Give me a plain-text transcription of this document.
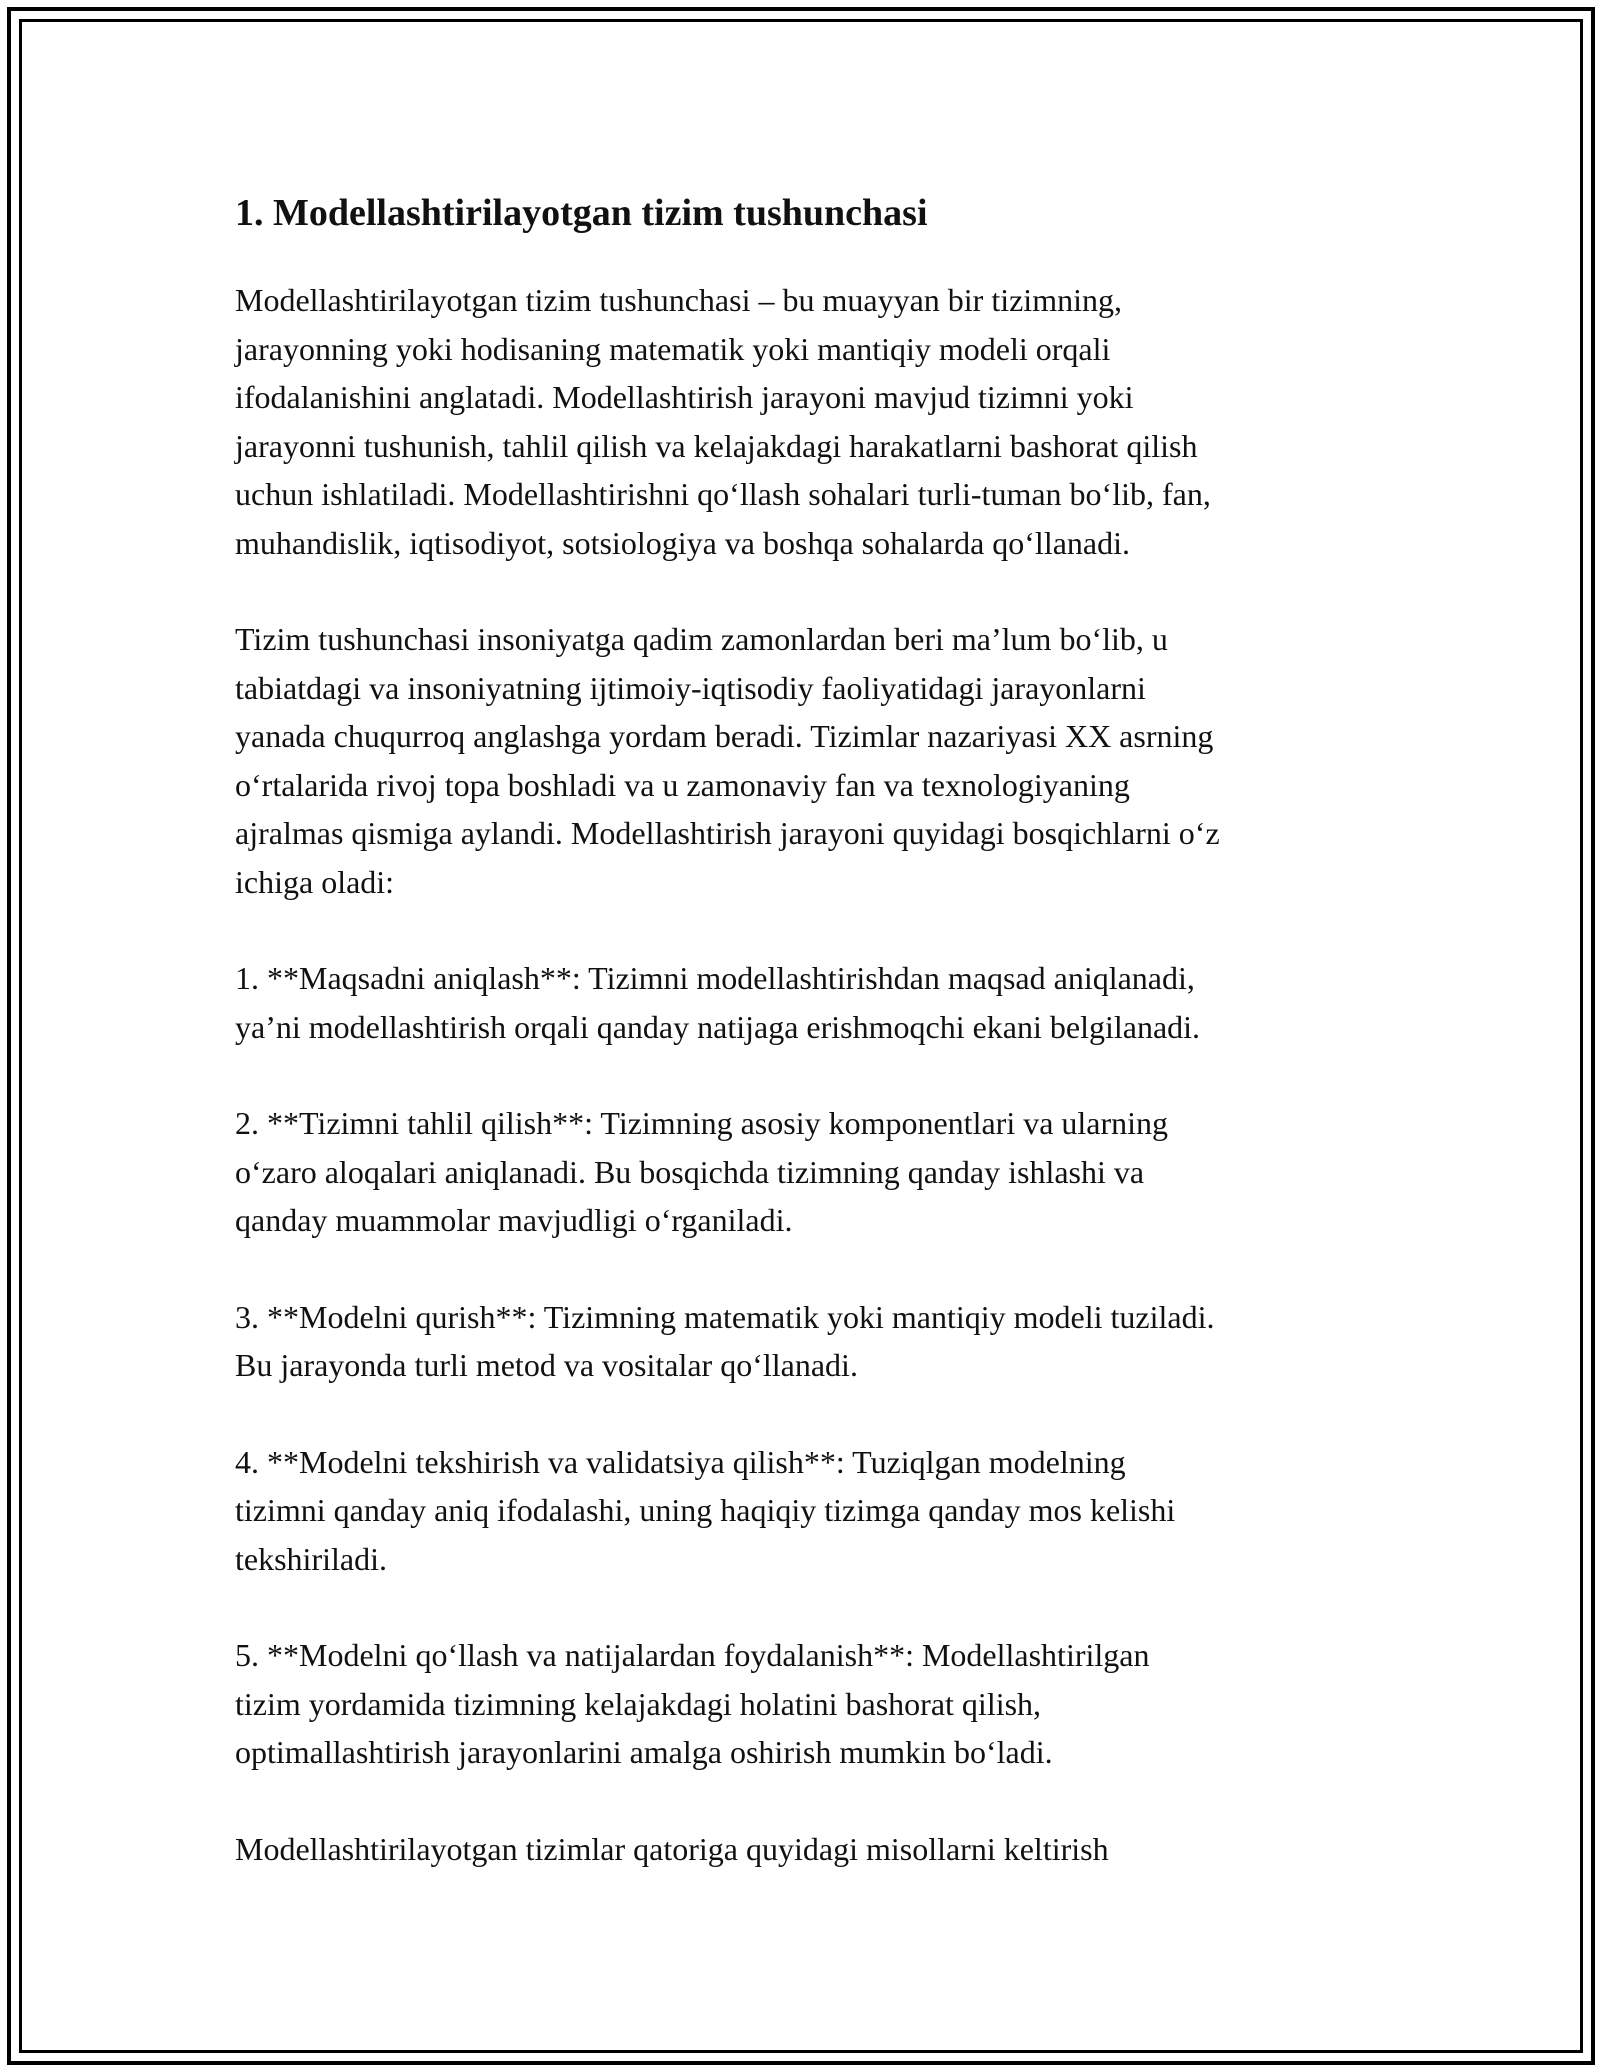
1. Modellashtirilayotgan tizim tushunchasi

Modellashtirilayotgan tizim tushunchasi – bu muayyan bir tizimning,
jarayonning yoki hodisaning matematik yoki mantiqiy modeli orqali
ifodalanishini anglatadi. Modellashtirish jarayoni mavjud tizimni yoki
jarayonni tushunish, tahlil qilish va kelajakdagi harakatlarni bashorat qilish
uchun ishlatiladi. Modellashtirishni qo‘llash sohalari turli-tuman bo‘lib, fan,
muhandislik, iqtisodiyot, sotsiologiya va boshqa sohalarda qo‘llanadi.

Tizim tushunchasi insoniyatga qadim zamonlardan beri ma’lum bo‘lib, u
tabiatdagi va insoniyatning ijtimoiy-iqtisodiy faoliyatidagi jarayonlarni
yanada chuqurroq anglashga yordam beradi. Tizimlar nazariyasi XX asrning
o‘rtalarida rivoj topa boshladi va u zamonaviy fan va texnologiyaning
ajralmas qismiga aylandi. Modellashtirish jarayoni quyidagi bosqichlarni o‘z
ichiga oladi:

1. **Maqsadni aniqlash**: Tizimni modellashtirishdan maqsad aniqlanadi,
ya’ni modellashtirish orqali qanday natijaga erishmoqchi ekani belgilanadi.

2. **Tizimni tahlil qilish**: Tizimning asosiy komponentlari va ularning
o‘zaro aloqalari aniqlanadi. Bu bosqichda tizimning qanday ishlashi va
qanday muammolar mavjudligi o‘rganiladi.

3. **Modelni qurish**: Tizimning matematik yoki mantiqiy modeli tuziladi.
Bu jarayonda turli metod va vositalar qo‘llanadi.

4. **Modelni tekshirish va validatsiya qilish**: Tuziqlgan modelning
tizimni qanday aniq ifodalashi, uning haqiqiy tizimga qanday mos kelishi
tekshiriladi.

5. **Modelni qo‘llash va natijalardan foydalanish**: Modellashtirilgan
tizim yordamida tizimning kelajakdagi holatini bashorat qilish,
optimallashtirish jarayonlarini amalga oshirish mumkin bo‘ladi.

Modellashtirilayotgan tizimlar qatoriga quyidagi misollarni keltirish
